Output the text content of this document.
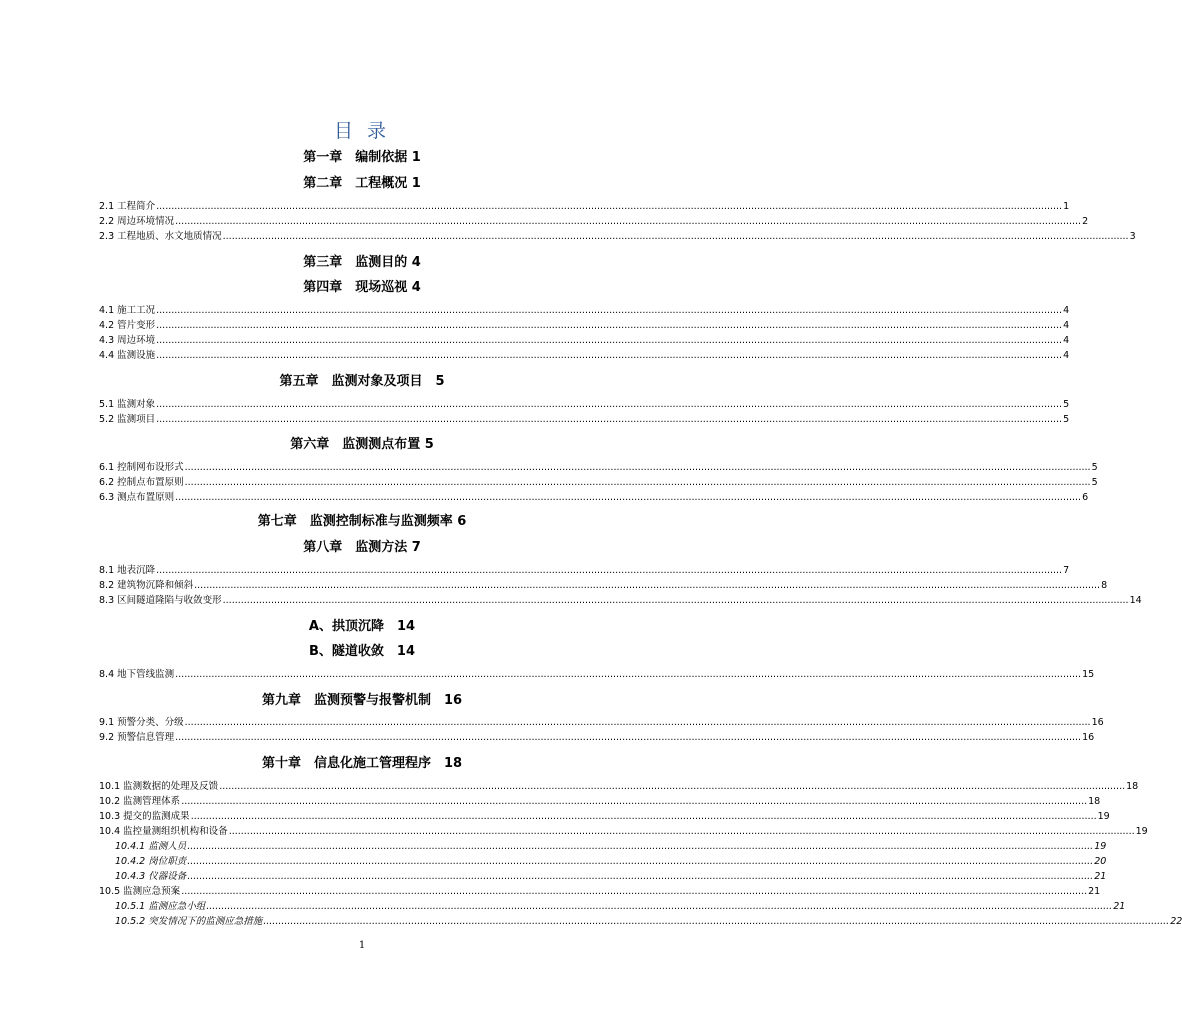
目 录
第一章　编制依据 1
第二章　工程概况 1
2.1 工程简介 ............................................................................................................................................................................................................................................................................................................ 1
2.2 周边环境情况 ............................................................................................................................................................................................................................................................................................................ 2
2.3 工程地质、水文地质情况 ............................................................................................................................................................................................................................................................................................................ 3
第三章　监测目的 4
第四章　现场巡视 4
4.1 施工工况 ............................................................................................................................................................................................................................................................................................................ 4
4.2 管片变形 ............................................................................................................................................................................................................................................................................................................ 4
4.3 周边环境 ............................................................................................................................................................................................................................................................................................................ 4
4.4 监测设施 ............................................................................................................................................................................................................................................................................................................ 4
第五章　监测对象及项目　5
5.1 监测对象 ............................................................................................................................................................................................................................................................................................................ 5
5.2 监测项目 ............................................................................................................................................................................................................................................................................................................ 5
第六章　监测测点布置 5
6.1 控制网布设形式 ............................................................................................................................................................................................................................................................................................................ 5
6.2 控制点布置原则 ............................................................................................................................................................................................................................................................................................................ 5
6.3 测点布置原则 ............................................................................................................................................................................................................................................................................................................ 6
第七章　监测控制标准与监测频率 6
第八章　监测方法 7
8.1 地表沉降 ............................................................................................................................................................................................................................................................................................................ 7
8.2 建筑物沉降和倾斜 ............................................................................................................................................................................................................................................................................................................ 8
8.3 区间隧道隆陷与收敛变形 ............................................................................................................................................................................................................................................................................................................ 14
A、拱顶沉降　14
B、隧道收敛　14
8.4 地下管线监测 ............................................................................................................................................................................................................................................................................................................ 15
第九章　监测预警与报警机制　16
9.1 预警分类、分级 ............................................................................................................................................................................................................................................................................................................ 16
9.2 预警信息管理 ............................................................................................................................................................................................................................................................................................................ 16
第十章　信息化施工管理程序　18
10.1 监测数据的处理及反馈 ............................................................................................................................................................................................................................................................................................................ 18
10.2 监测管理体系 ............................................................................................................................................................................................................................................................................................................ 18
10.3 提交的监测成果 ............................................................................................................................................................................................................................................................................................................ 19
10.4 监控量测组织机构和设备 ............................................................................................................................................................................................................................................................................................................ 19
10.4.1 监测人员 ............................................................................................................................................................................................................................................................................................................ 19
10.4.2 岗位职责 ............................................................................................................................................................................................................................................................................................................ 20
10.4.3 仪器设备 ............................................................................................................................................................................................................................................................................................................ 21
10.5 监测应急预案 ............................................................................................................................................................................................................................................................................................................ 21
10.5.1 监测应急小组 ............................................................................................................................................................................................................................................................................................................ 21
10.5.2 突发情况下的监测应急措施 ............................................................................................................................................................................................................................................................................................................ 22
1
